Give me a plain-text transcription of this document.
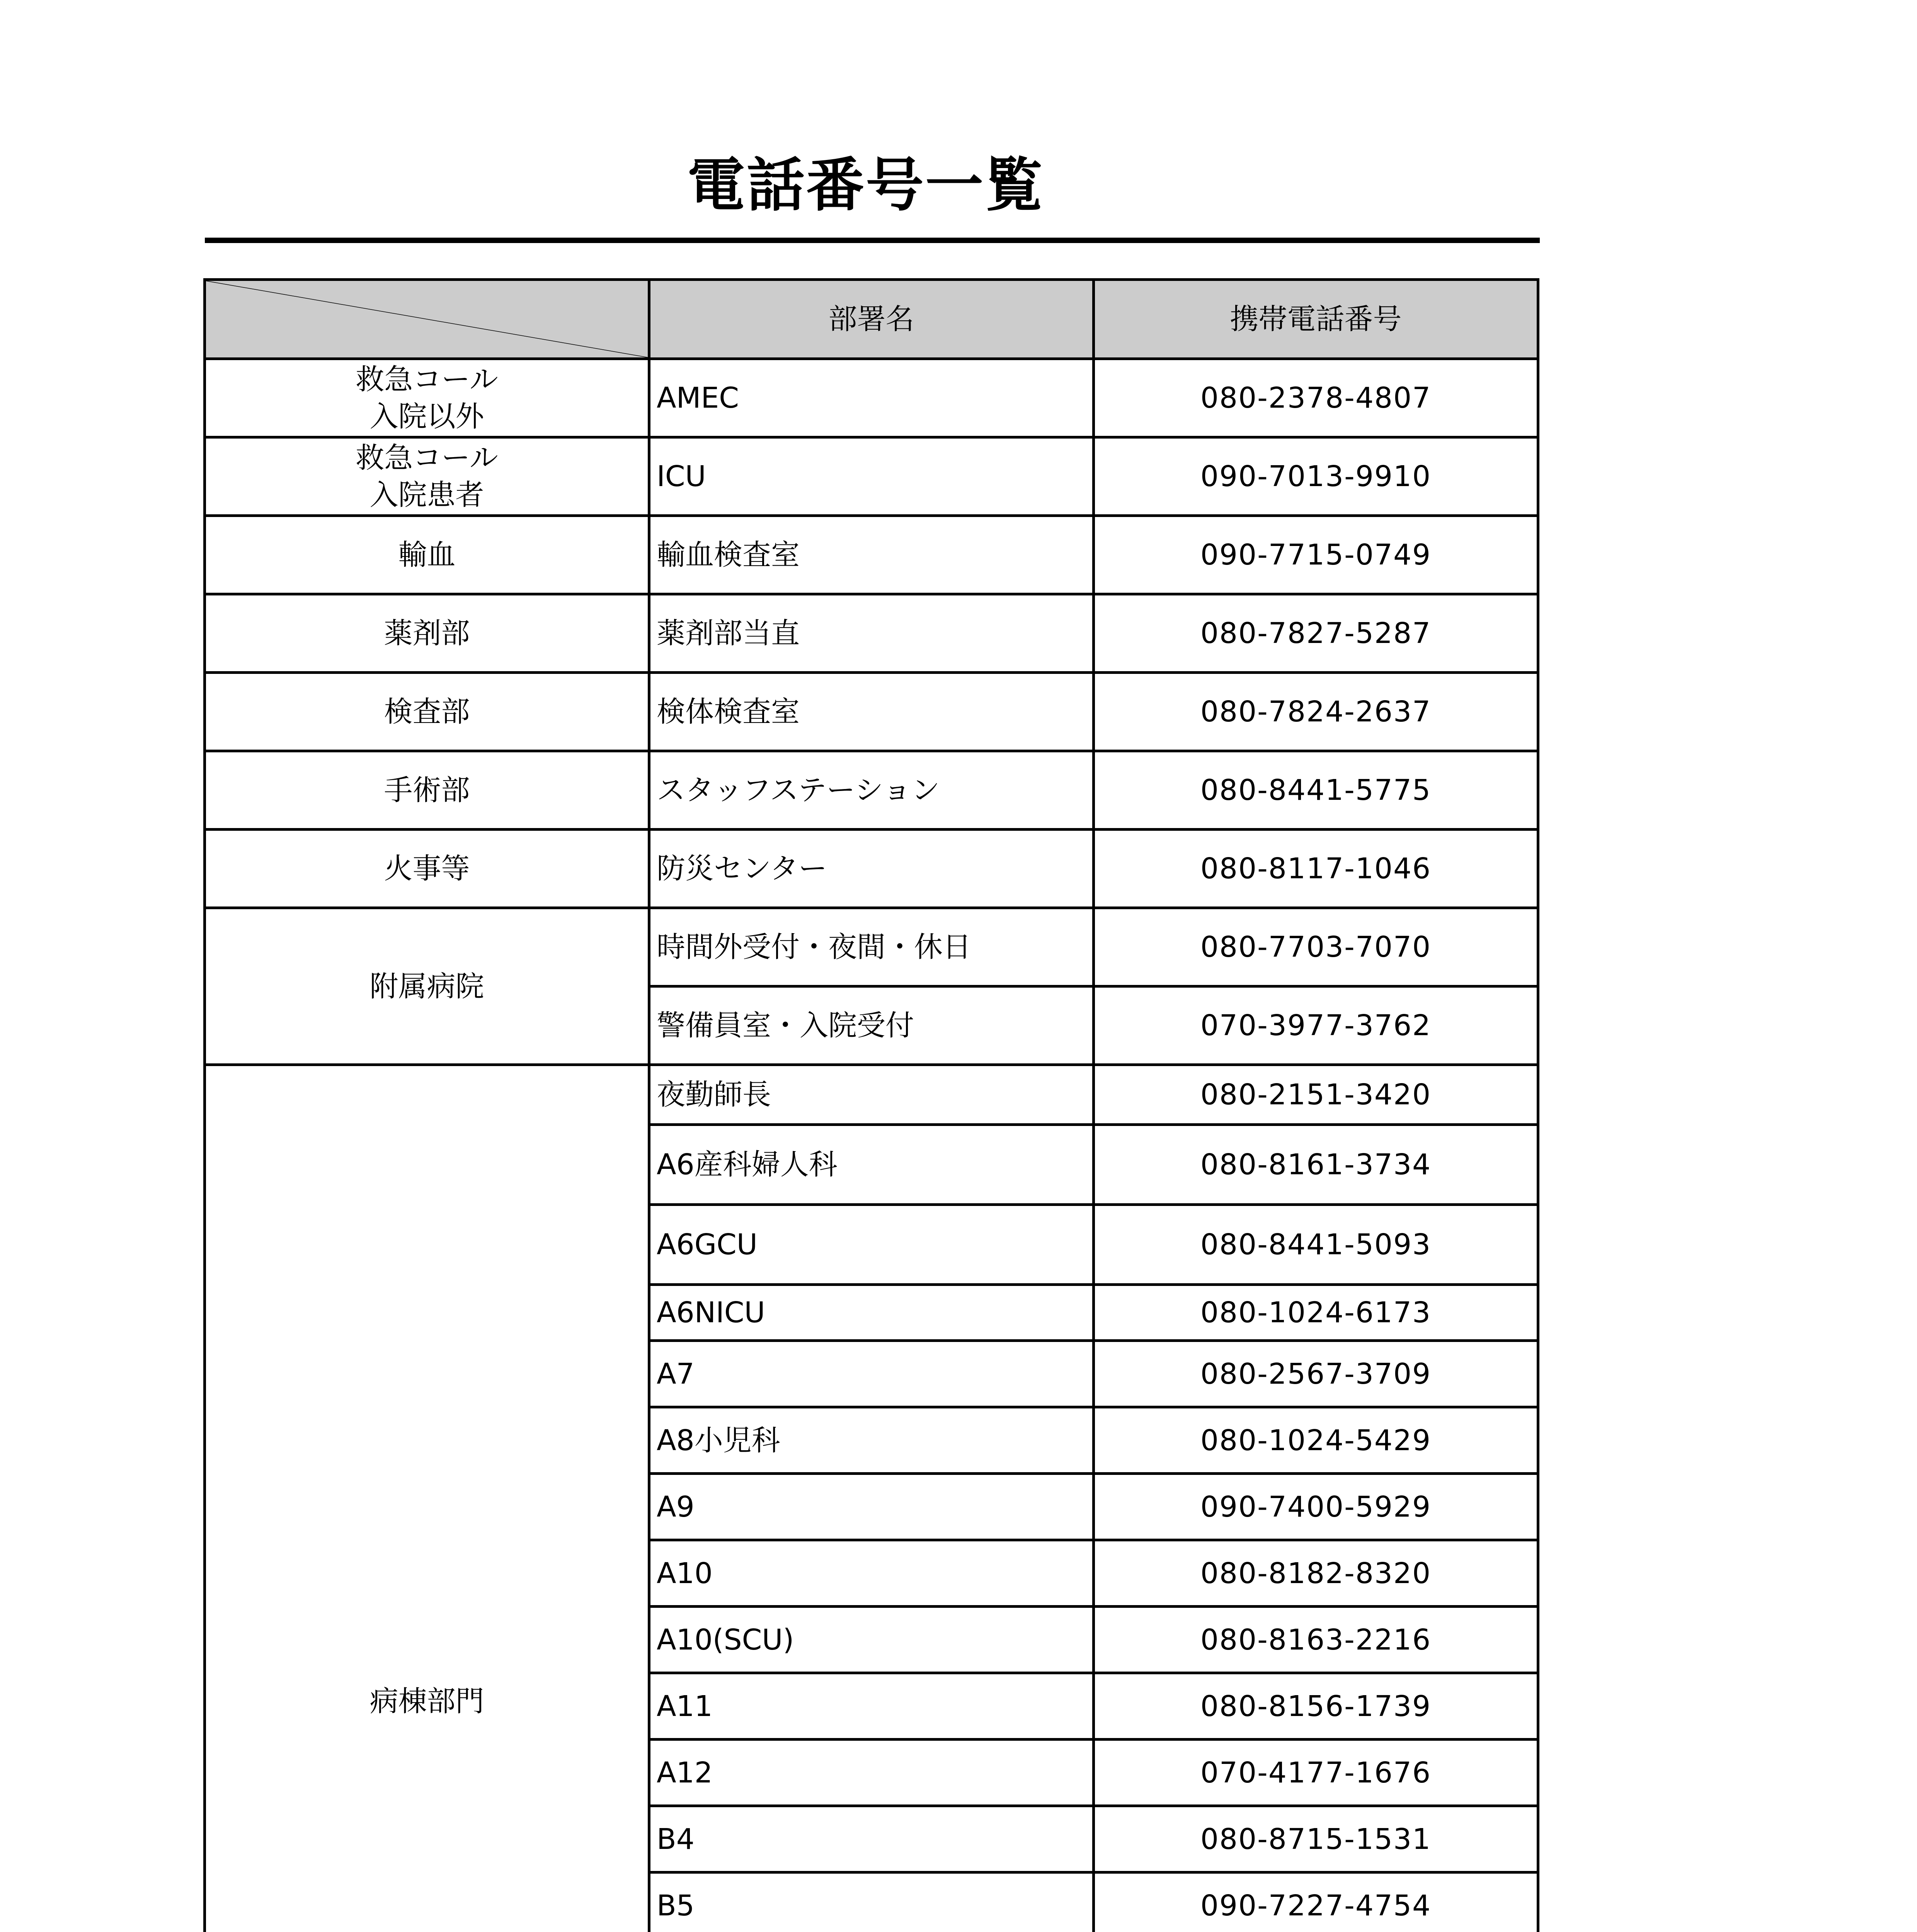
電話番号一覧
	部署名	携帯電話番号

救急コール
入院以外	AMEC	080-2378-4807

救急コール
入院患者	ICU	090-7013-9910

輸血	輸血検査室	090-7715-0749

薬剤部	薬剤部当直	080-7827-5287

検査部	検体検査室	080-7824-2637

手術部	スタッフステーション	080-8441-5775

火事等	防災センター	080-8117-1046

附属病院	時間外受付・夜間・休日	080-7703-7070
	警備員室・入院受付	070-3977-3762

病棟部門	夜勤師長	080-2151-3420
	A6産科婦人科	080-8161-3734
	A6GCU	080-8441-5093
	A6NICU	080-1024-6173
	A7	080-2567-3709
	A8小児科	080-1024-5429
	A9	090-7400-5929
	A10	080-8182-8320
	A10(SCU)	080-8163-2216
	A11	080-8156-1739
	A12	070-4177-1676
	B4	080-8715-1531
	B5	090-7227-4754
